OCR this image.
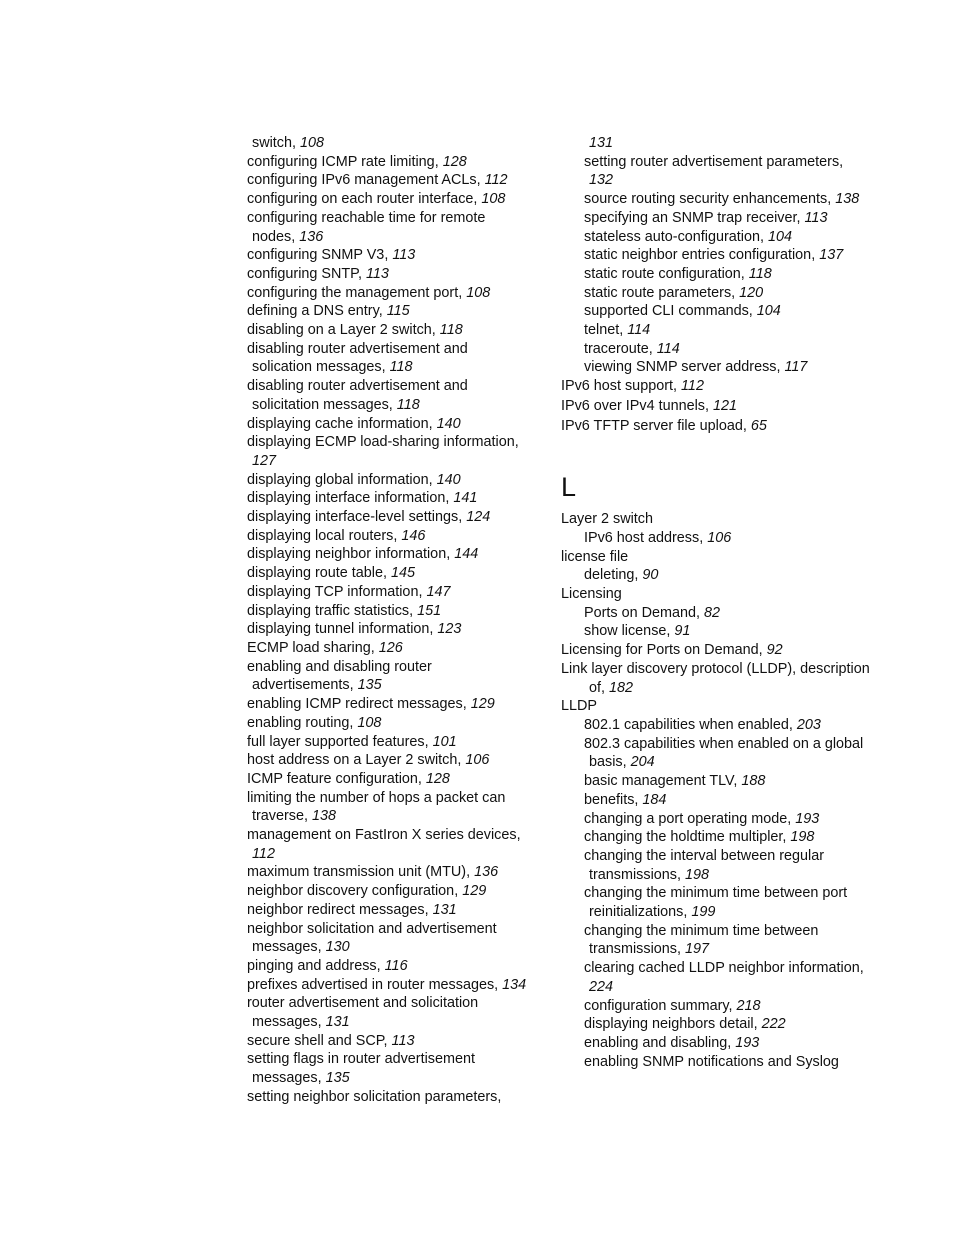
switch, 108
configuring ICMP rate limiting, 128
configuring IPv6 management ACLs, 112
configuring on each router interface, 108
configuring reachable time for remote
nodes, 136
configuring SNMP V3, 113
configuring SNTP, 113
configuring the management port, 108
defining a DNS entry, 115
disabling on a Layer 2 switch, 118
disabling router advertisement and
solication messages, 118
disabling router advertisement and
solicitation messages, 118
displaying cache information, 140
displaying ECMP load-sharing information,
127
displaying global information, 140
displaying interface information, 141
displaying interface-level settings, 124
displaying local routers, 146
displaying neighbor information, 144
displaying route table, 145
displaying TCP information, 147
displaying traffic statistics, 151
displaying tunnel information, 123
ECMP load sharing, 126
enabling and disabling router
advertisements, 135
enabling ICMP redirect messages, 129
enabling routing, 108
full layer supported features, 101
host address on a Layer 2 switch, 106
ICMP feature configuration, 128
limiting the number of hops a packet can
traverse, 138
management on FastIron X series devices,
112
maximum transmission unit (MTU), 136
neighbor discovery configuration, 129
neighbor redirect messages, 131
neighbor solicitation and advertisement
messages, 130
pinging and address, 116
prefixes advertised in router messages, 134
router advertisement and solicitation
messages, 131
secure shell and SCP, 113
setting flags in router advertisement
messages, 135
setting neighbor solicitation parameters,
131
setting router advertisement parameters,
132
source routing security enhancements, 138
specifying an SNMP trap receiver, 113
stateless auto-configuration, 104
static neighbor entries configuration, 137
static route configuration, 118
static route parameters, 120
supported CLI commands, 104
telnet, 114
traceroute, 114
viewing SNMP server address, 117
IPv6 host support, 112
IPv6 over IPv4 tunnels, 121
IPv6 TFTP server file upload, 65
L
Layer 2 switch
IPv6 host address, 106
license file
deleting, 90
Licensing
Ports on Demand, 82
show license, 91
Licensing for Ports on Demand, 92
Link layer discovery protocol (LLDP), description
of, 182
LLDP
802.1 capabilities when enabled, 203
802.3 capabilities when enabled on a global
basis, 204
basic management TLV, 188
benefits, 184
changing a port operating mode, 193
changing the holdtime multipler, 198
changing the interval between regular
transmissions, 198
changing the minimum time between port
reinitializations, 199
changing the minimum time between
transmissions, 197
clearing cached LLDP neighbor information,
224
configuration summary, 218
displaying neighbors detail, 222
enabling and disabling, 193
enabling SNMP notifications and Syslog
